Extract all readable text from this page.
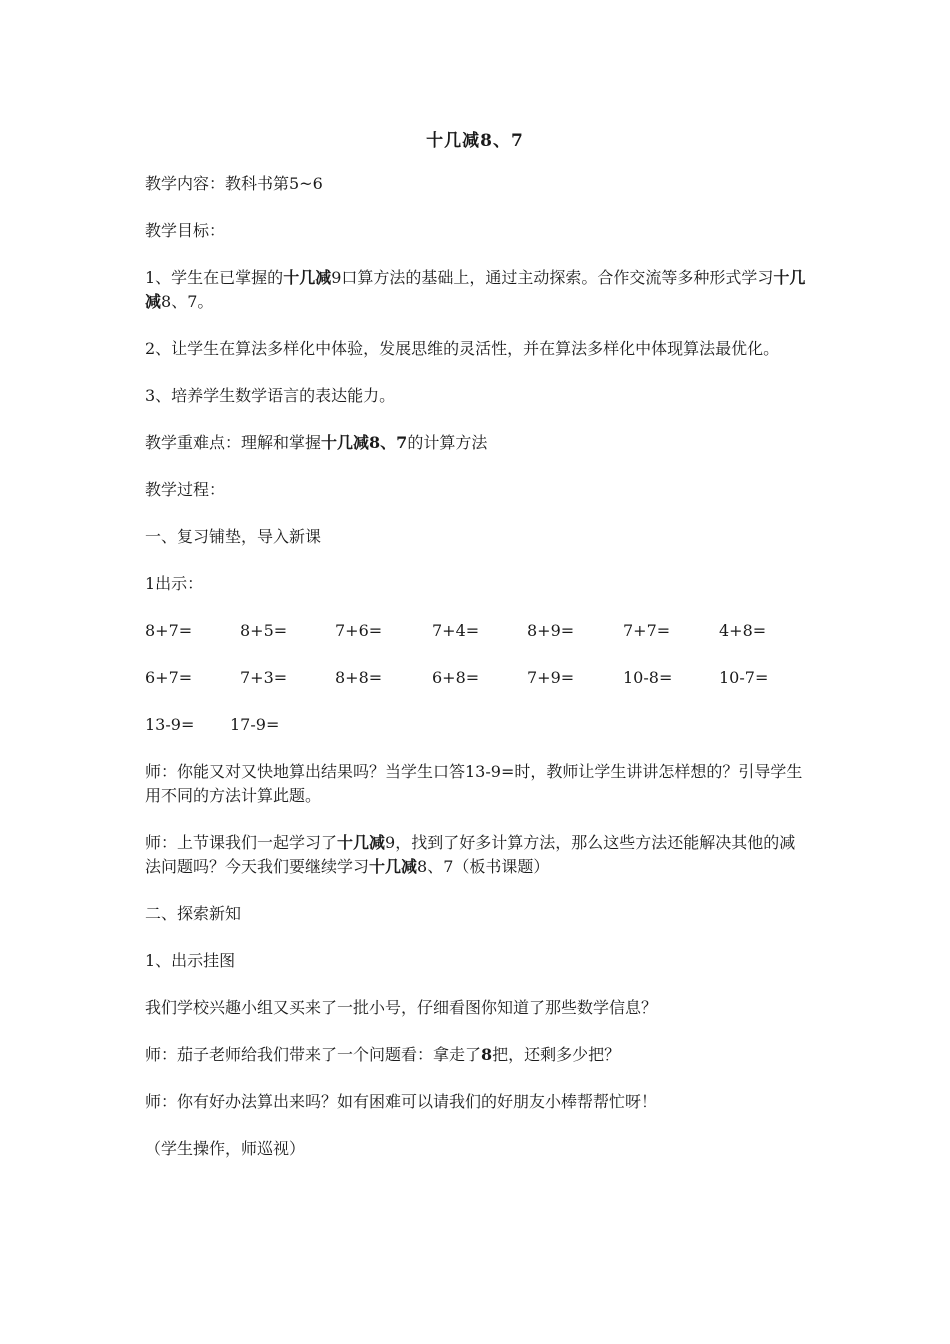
十几减8、7

教学内容：教科书第5~6

教学目标：

1、学生在已掌握的十几减9口算方法的基础上，通过主动探索。合作交流等多种形式学习十几减8、7。

2、让学生在算法多样化中体验，发展思维的灵活性，并在算法多样化中体现算法最优化。

3、培养学生数学语言的表达能力。

教学重难点：理解和掌握十几减8、7的计算方法

教学过程：

一、复习铺垫，导入新课

1出示：

8+7=	8+5=	7+6=	7+4=	8+9=	7+7=	4+8=
6+7=	7+3=	8+8=	6+8=	7+9=	10-8=	10-7=
13-9= 17-9=

师：你能又对又快地算出结果吗？当学生口答13-9=时，教师让学生讲讲怎样想的？引导学生用不同的方法计算此题。

师：上节课我们一起学习了十几减9，找到了好多计算方法，那么这些方法还能解决其他的减法问题吗？今天我们要继续学习十几减8、7（板书课题）

二、探索新知

1、出示挂图

我们学校兴趣小组又买来了一批小号，仔细看图你知道了那些数学信息？

师：茄子老师给我们带来了一个问题看：拿走了8把，还剩多少把？

师：你有好办法算出来吗？如有困难可以请我们的好朋友小棒帮帮忙呀！

（学生操作，师巡视）
